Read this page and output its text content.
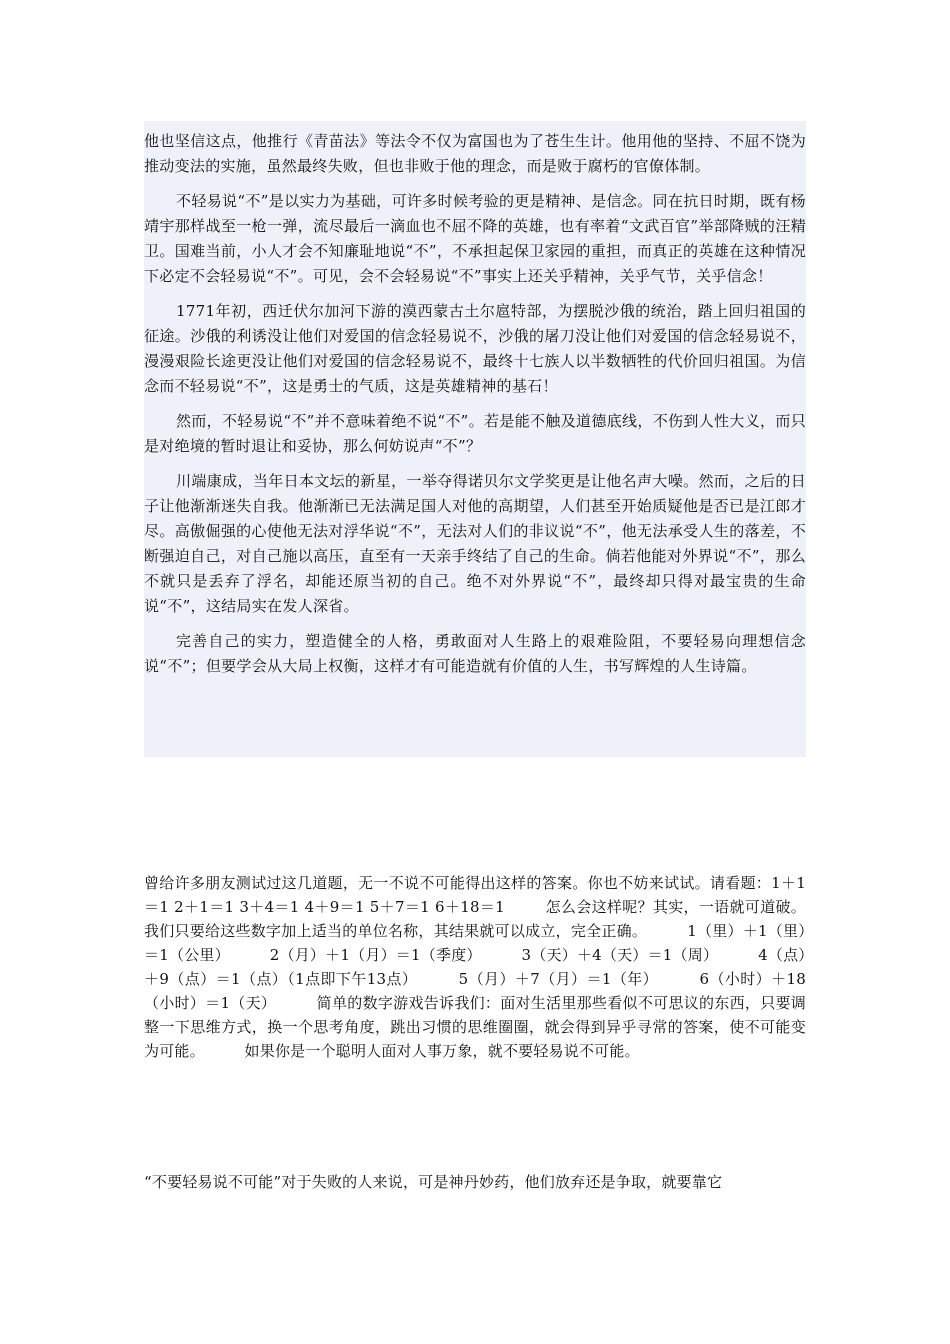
他也坚信这点，他推行《青苗法》等法令不仅为富国也为了苍生生计。他用他的坚持、不屈不饶为推动变法的实施，虽然最终失败，但也非败于他的理念，而是败于腐朽的官僚体制。

不轻易说“不”是以实力为基础，可许多时候考验的更是精神、是信念。同在抗日时期，既有杨靖宇那样战至一枪一弹，流尽最后一滴血也不屈不降的英雄，也有率着“文武百官”举部降贼的汪精卫。国难当前，小人才会不知廉耻地说“不”，不承担起保卫家园的重担，而真正的英雄在这种情况下必定不会轻易说“不”。可见，会不会轻易说“不”事实上还关乎精神，关乎气节，关乎信念！

1771年初，西迁伏尔加河下游的漠西蒙古土尔扈特部，为摆脱沙俄的统治，踏上回归祖国的征途。沙俄的利诱没让他们对爱国的信念轻易说不，沙俄的屠刀没让他们对爱国的信念轻易说不，漫漫艰险长途更没让他们对爱国的信念轻易说不，最终十七族人以半数牺牲的代价回归祖国。为信念而不轻易说“不”，这是勇士的气质，这是英雄精神的基石！

然而，不轻易说“不”并不意味着绝不说“不”。若是能不触及道德底线，不伤到人性大义，而只是对绝境的暂时退让和妥协，那么何妨说声“不”？

川端康成，当年日本文坛的新星，一举夺得诺贝尔文学奖更是让他名声大噪。然而，之后的日子让他渐渐迷失自我。他渐渐已无法满足国人对他的高期望，人们甚至开始质疑他是否已是江郎才尽。高傲倔强的心使他无法对浮华说“不”，无法对人们的非议说“不”，他无法承受人生的落差，不断强迫自己，对自己施以高压，直至有一天亲手终结了自己的生命。倘若他能对外界说“不”，那么不就只是丢弃了浮名，却能还原当初的自己。绝不对外界说“不”，最终却只得对最宝贵的生命说“不”，这结局实在发人深省。

完善自己的实力，塑造健全的人格，勇敢面对人生路上的艰难险阻，不要轻易向理想信念说“不”；但要学会从大局上权衡，这样才有可能造就有价值的人生，书写辉煌的人生诗篇。

曾给许多朋友测试过这几道题，无一不说不可能得出这样的答案。你也不妨来试试。请看题：1＋1＝1 2＋1＝1 3＋4＝1 4＋9＝1 5＋7＝1 6＋18＝1        怎么会这样呢？其实，一语就可道破。我们只要给这些数字加上适当的单位名称，其结果就可以成立，完全正确。        1（里）＋1（里）＝1（公里）        2（月）＋1（月）＝1（季度）        3（天）＋4（天）＝1（周）        4（点）＋9（点）＝1（点）（1点即下午13点）        5（月）＋7（月）＝1（年）        6（小时）＋18（小时）＝1（天）        简单的数字游戏告诉我们：面对生活里那些看似不可思议的东西，只要调整一下思维方式，换一个思考角度，跳出习惯的思维圈圈，就会得到异乎寻常的答案，使不可能变为可能。        如果你是一个聪明人面对人事万象，就不要轻易说不可能。

“不要轻易说不可能”对于失败的人来说，可是神丹妙药，他们放弃还是争取，就要靠它
